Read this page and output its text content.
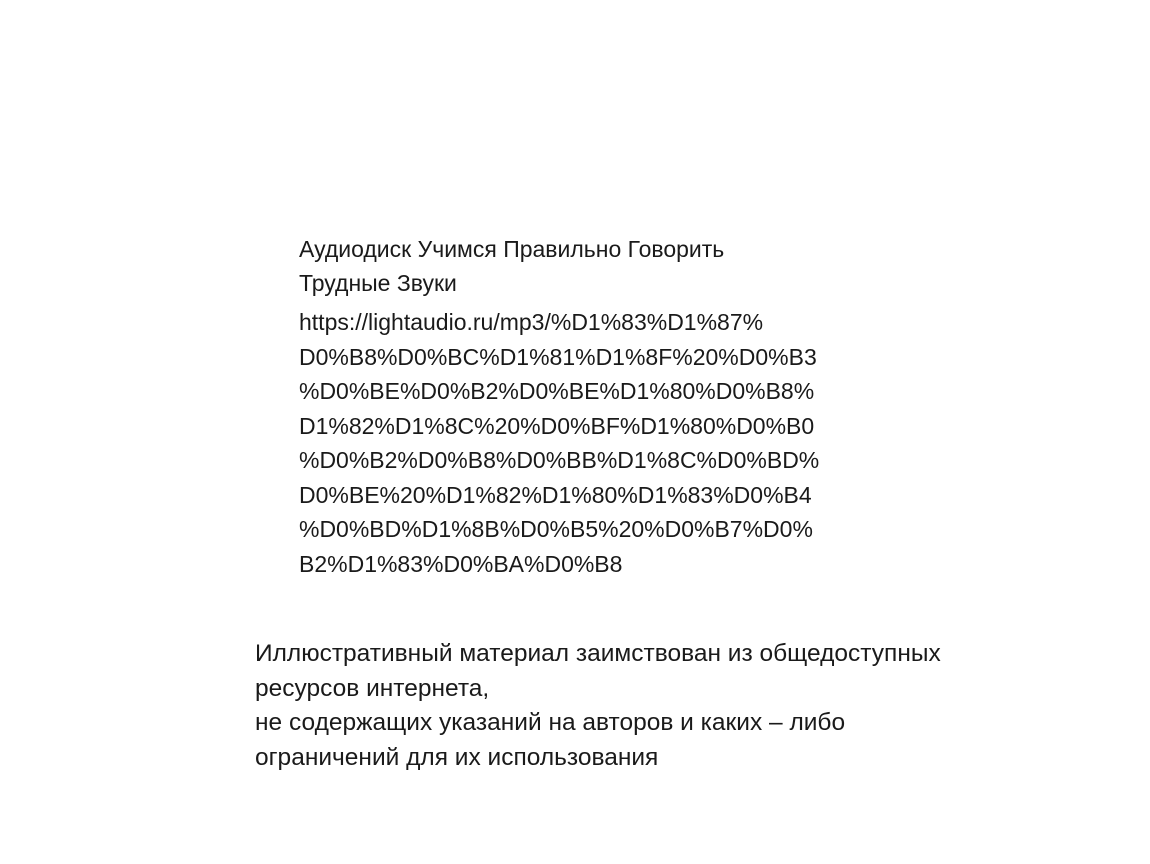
Аудиодиск Учимся Правильно Говорить Трудные Звуки

https://lightaudio.ru/mp3/%D1%83%D1%87%
D0%B8%D0%BC%D1%81%D1%8F%20%D0%B3
%D0%BE%D0%B2%D0%BE%D1%80%D0%B8%
D1%82%D1%8C%20%D0%BF%D1%80%D0%B0
%D0%B2%D0%B8%D0%BB%D1%8C%D0%BD%
D0%BE%20%D1%82%D1%80%D1%83%D0%B4
%D0%BD%D1%8B%D0%B5%20%D0%B7%D0%
B2%D1%83%D0%BA%D0%B8
Иллюстративный материал заимствован из общедоступных
ресурсов интернета,
не содержащих указаний на авторов и каких – либо
ограничений для их использования
